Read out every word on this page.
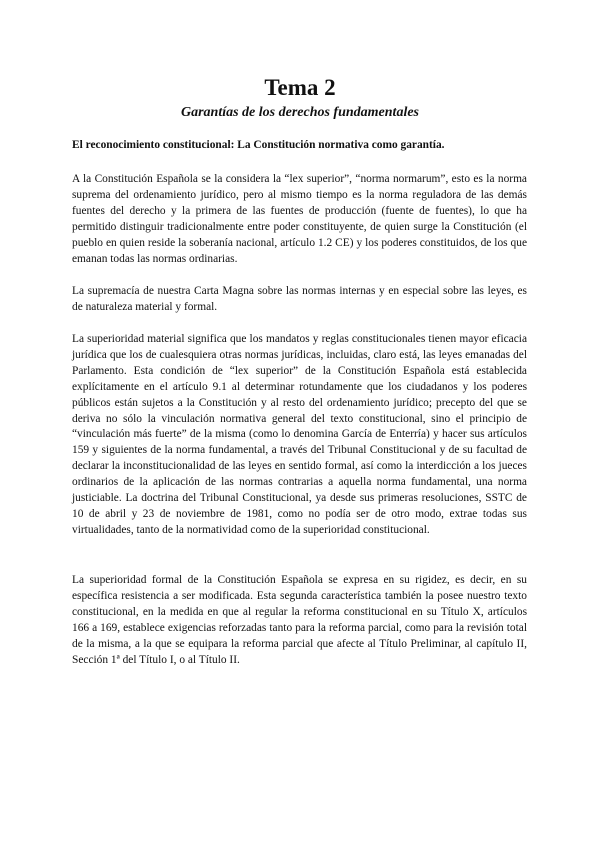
Tema 2
Garantías de los derechos fundamentales
El reconocimiento constitucional: La Constitución normativa como garantía.

A la Constitución Española se la considera la “lex superior”, “norma normarum”, esto es la norma suprema del ordenamiento jurídico, pero al mismo tiempo es la norma reguladora de las demás fuentes del derecho y la primera de las fuentes de producción (fuente de fuentes), lo que ha permitido distinguir tradicionalmente entre poder constituyente, de quien surge la Constitución (el pueblo en quien reside la soberanía nacional, artículo 1.2 CE) y los poderes constituidos, de los que emanan todas las normas ordinarias.

La supremacía de nuestra Carta Magna sobre las normas internas y en especial sobre las leyes, es de naturaleza material y formal.

La superioridad material significa que los mandatos y reglas constitucionales tienen mayor eficacia jurídica que los de cualesquiera otras normas jurídicas, incluidas, claro está, las leyes emanadas del Parlamento. Esta condición de “lex superior” de la Constitución Española está establecida explícitamente en el artículo 9.1 al determinar rotundamente que los ciudadanos y los poderes públicos están sujetos a la Constitución y al resto del ordenamiento jurídico; precepto del que se deriva no sólo la vinculación normativa general del texto constitucional, sino el principio de “vinculación más fuerte” de la misma (como lo denomina García de Enterría) y hacer sus artículos 159 y siguientes de la norma fundamental, a través del Tribunal Constitucional y de su facultad de declarar la inconstitucionalidad de las leyes en sentido formal, así como la interdicción a los jueces ordinarios de la aplicación de las normas contrarias a aquella norma fundamental, una norma justiciable. La doctrina del Tribunal Constitucional, ya desde sus primeras resoluciones, SSTC de 10 de abril y 23 de noviembre de 1981, como no podía ser de otro modo, extrae todas sus virtualidades, tanto de la normatividad como de la superioridad constitucional.

La superioridad formal de la Constitución Española se expresa en su rigidez, es decir, en su específica resistencia a ser modificada. Esta segunda característica también la posee nuestro texto constitucional, en la medida en que al regular la reforma constitucional en su Título X, artículos 166 a 169, establece exigencias reforzadas tanto para la reforma parcial, como para la revisión total de la misma, a la que se equipara la reforma parcial que afecte al Título Preliminar, al capítulo II, Sección 1ª del Título I, o al Título II.
